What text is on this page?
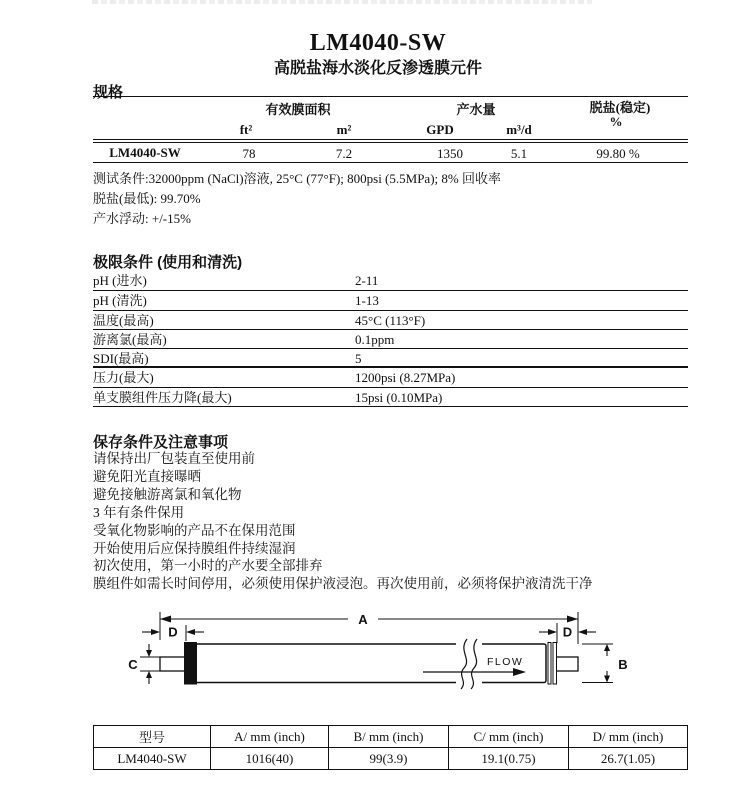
LM4040-SW
高脱盐海水淡化反渗透膜元件
规格
有效膜面积	产水量	脱盐(稳定)
%
ft²	m²	GPD	m³/d
LM4040-SW	78	7.2	1350	5.1	99.80 %
测试条件:32000ppm (NaCl)溶液, 25°C (77°F); 800psi (5.5MPa); 8% 回收率
脱盐(最低): 99.70%
产水浮动: +/-15%
极限条件 (使用和清洗)
pH (进水)	2-11
pH (清洗)	1-13
温度(最高)	45°C (113°F)
游离氯(最高)	0.1ppm
SDI(最高)	5
压力(最大)	1200psi (8.27MPa)
单支膜组件压力降(最大)	15psi (0.10MPa)
保存条件及注意事项
请保持出厂包装直至使用前
避免阳光直接曝晒
避免接触游离氯和氧化物
3 年有条件保用
受氧化物影响的产品不在保用范围
开始使用后应保持膜组件持续湿润
初次使用，第一小时的产水要全部排弃
膜组件如需长时间停用，必须使用保护液浸泡。再次使用前，必须将保护液清洗干净
A
D	D
FLOW
C	B
型号	A/ mm (inch)	B/ mm (inch)	C/ mm (inch)	D/ mm (inch)
LM4040-SW	1016(40)	99(3.9)	19.1(0.75)	26.7(1.05)
